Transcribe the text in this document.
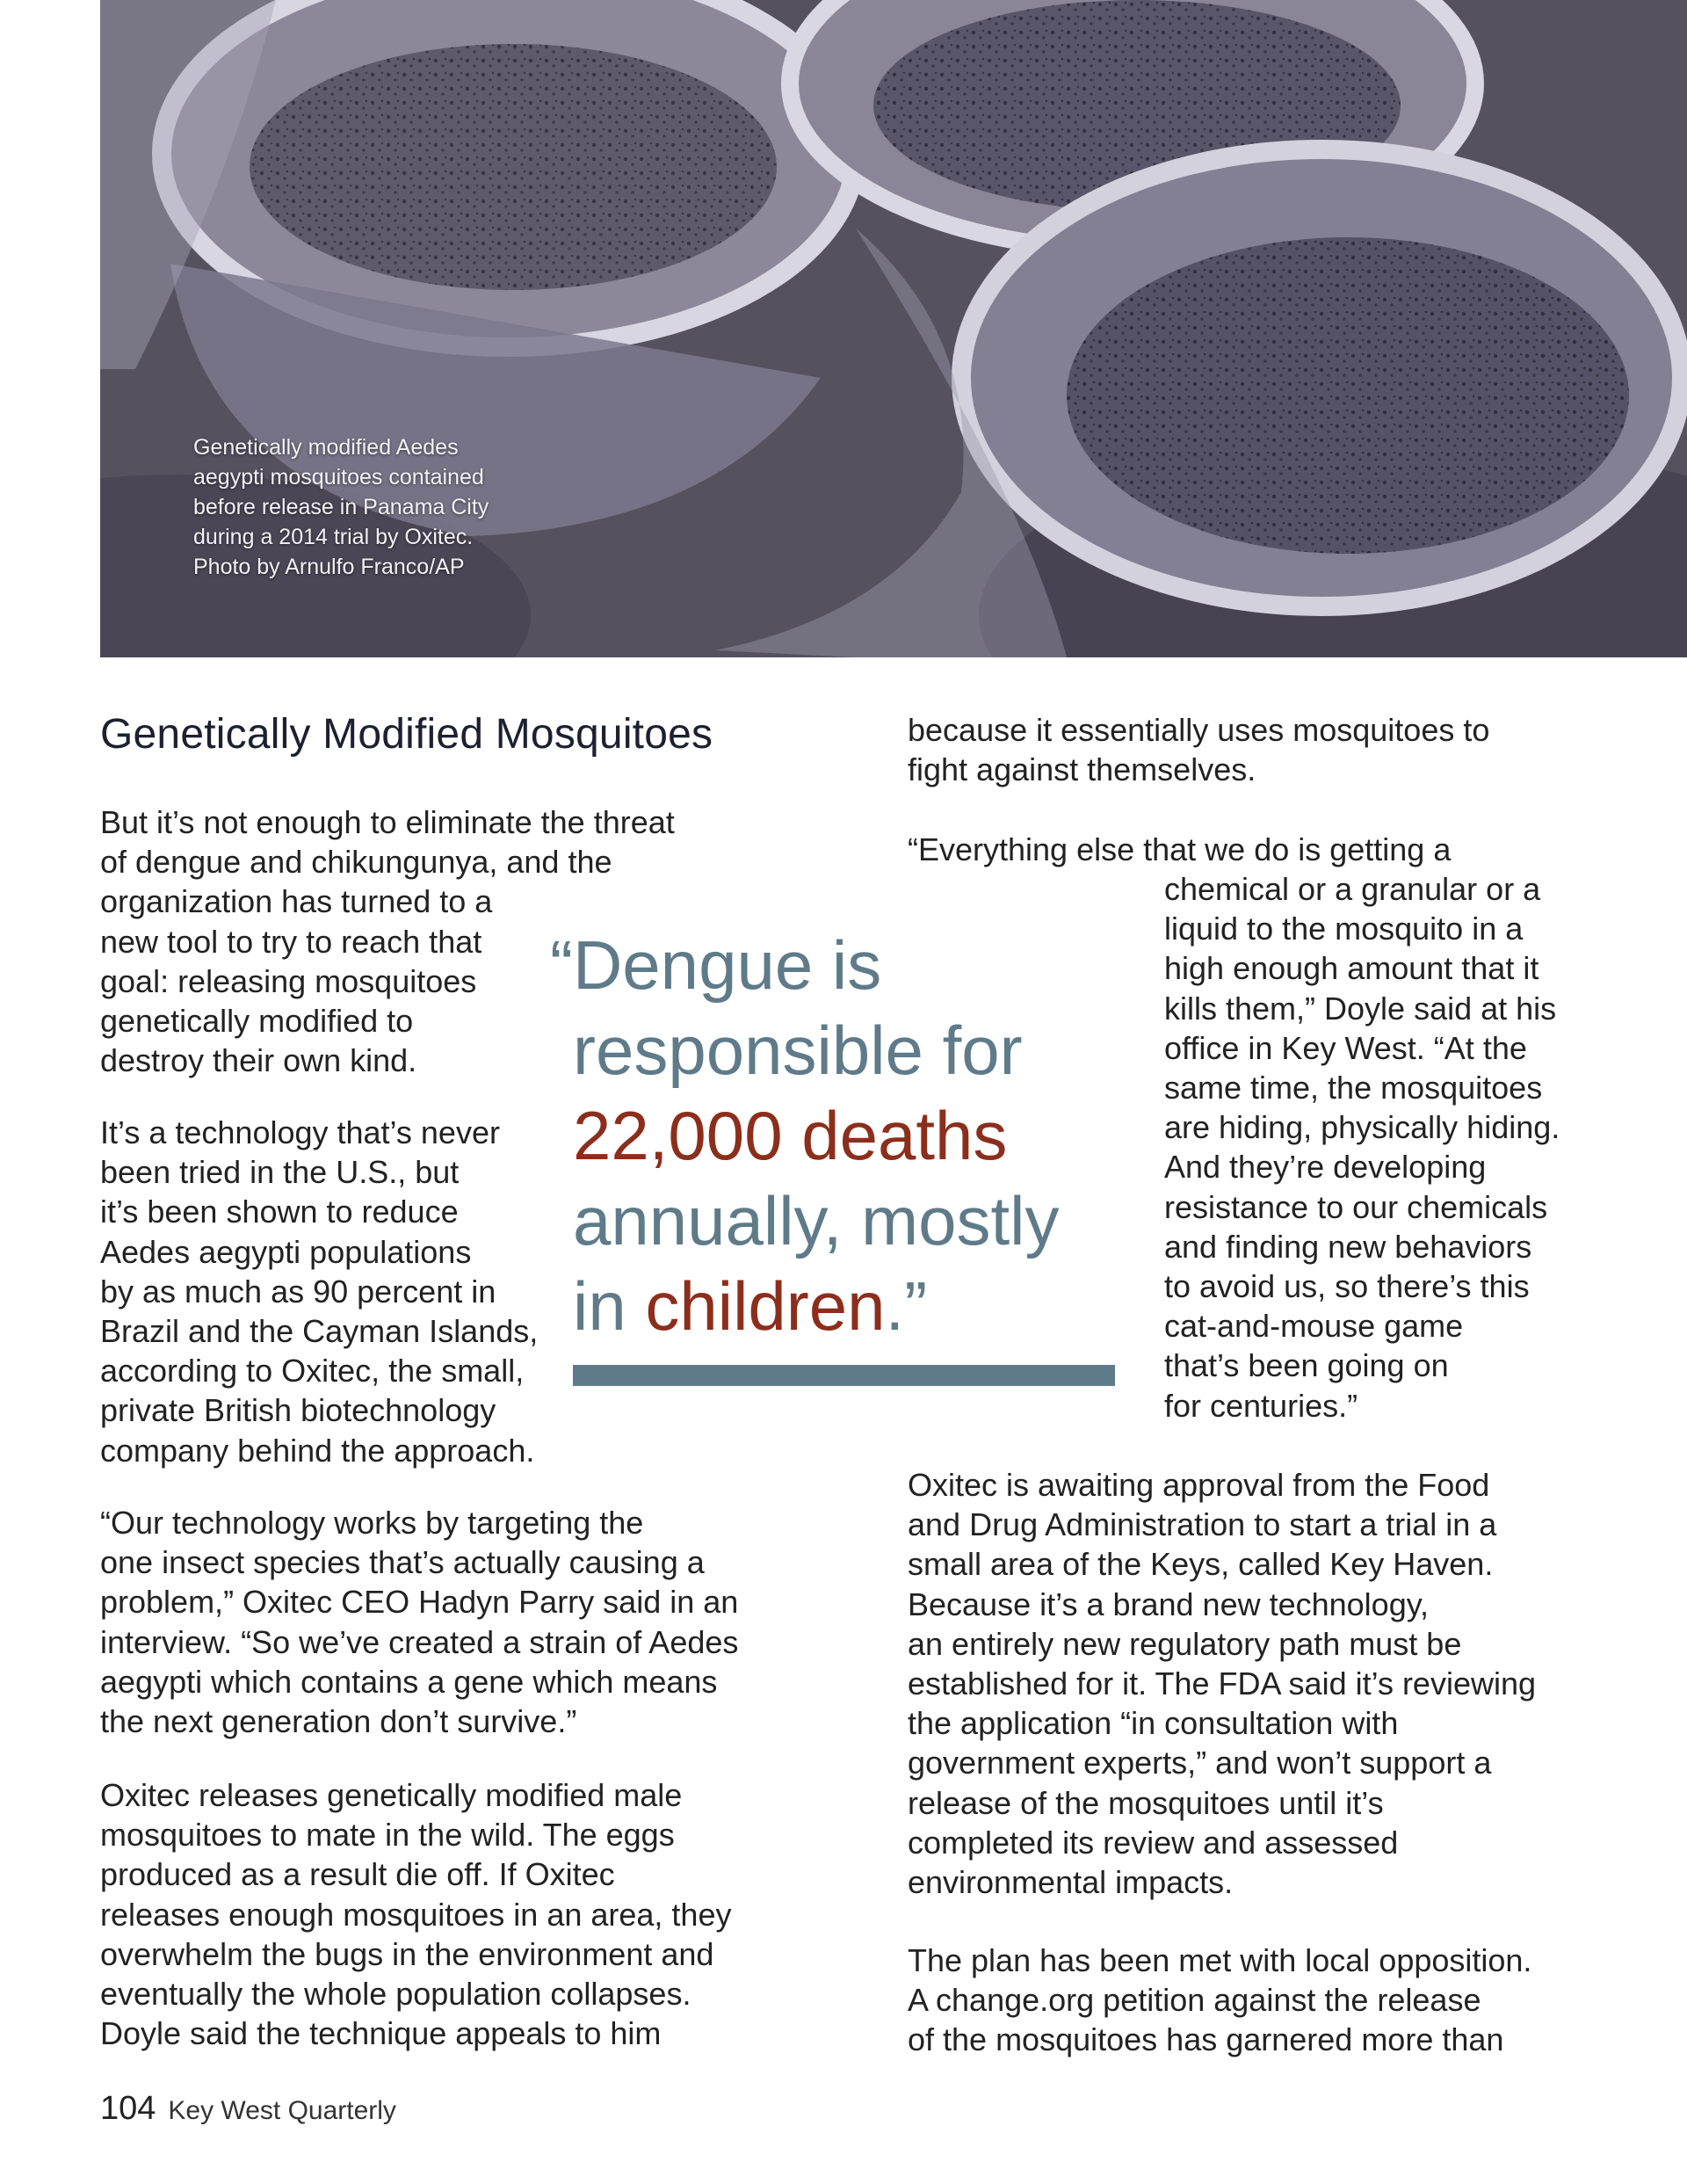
Genetically modified Aedes
aegypti mosquitoes contained
before release in Panama City
during a 2014 trial by Oxitec.
Photo by Arnulfo Franco/AP
Genetically Modified Mosquitoes
But it’s not enough to eliminate the threat
of dengue and chikungunya, and the
organization has turned to a
new tool to try to reach that
goal: releasing mosquitoes
genetically modified to
destroy their own kind.
It’s a technology that’s never
been tried in the U.S., but
it’s been shown to reduce
Aedes aegypti populations
by as much as 90 percent in
Brazil and the Cayman Islands,
according to Oxitec, the small,
private British biotechnology
company behind the approach.
“Our technology works by targeting the
one insect species that’s actually causing a
problem,” Oxitec CEO Hadyn Parry said in an
interview. “So we’ve created a strain of Aedes
aegypti which contains a gene which means
the next generation don’t survive.”
Oxitec releases genetically modified male
mosquitoes to mate in the wild. The eggs
produced as a result die off. If Oxitec
releases enough mosquitoes in an area, they
overwhelm the bugs in the environment and
eventually the whole population collapses.
Doyle said the technique appeals to him
“Dengue is
responsible for
22,000 deaths
annually, mostly
in children.”
because it essentially uses mosquitoes to
fight against themselves.
“Everything else that we do is getting a
chemical or a granular or a
liquid to the mosquito in a
high enough amount that it
kills them,” Doyle said at his
office in Key West. “At the
same time, the mosquitoes
are hiding, physically hiding.
And they’re developing
resistance to our chemicals
and finding new behaviors
to avoid us, so there’s this
cat-and-mouse game
that’s been going on
for centuries.”
Oxitec is awaiting approval from the Food
and Drug Administration to start a trial in a
small area of the Keys, called Key Haven.
Because it’s a brand new technology,
an entirely new regulatory path must be
established for it. The FDA said it’s reviewing
the application “in consultation with
government experts,” and won’t support a
release of the mosquitoes until it’s
completed its review and assessed
environmental impacts.
The plan has been met with local opposition.
A change.org petition against the release
of the mosquitoes has garnered more than
104 Key West Quarterly
